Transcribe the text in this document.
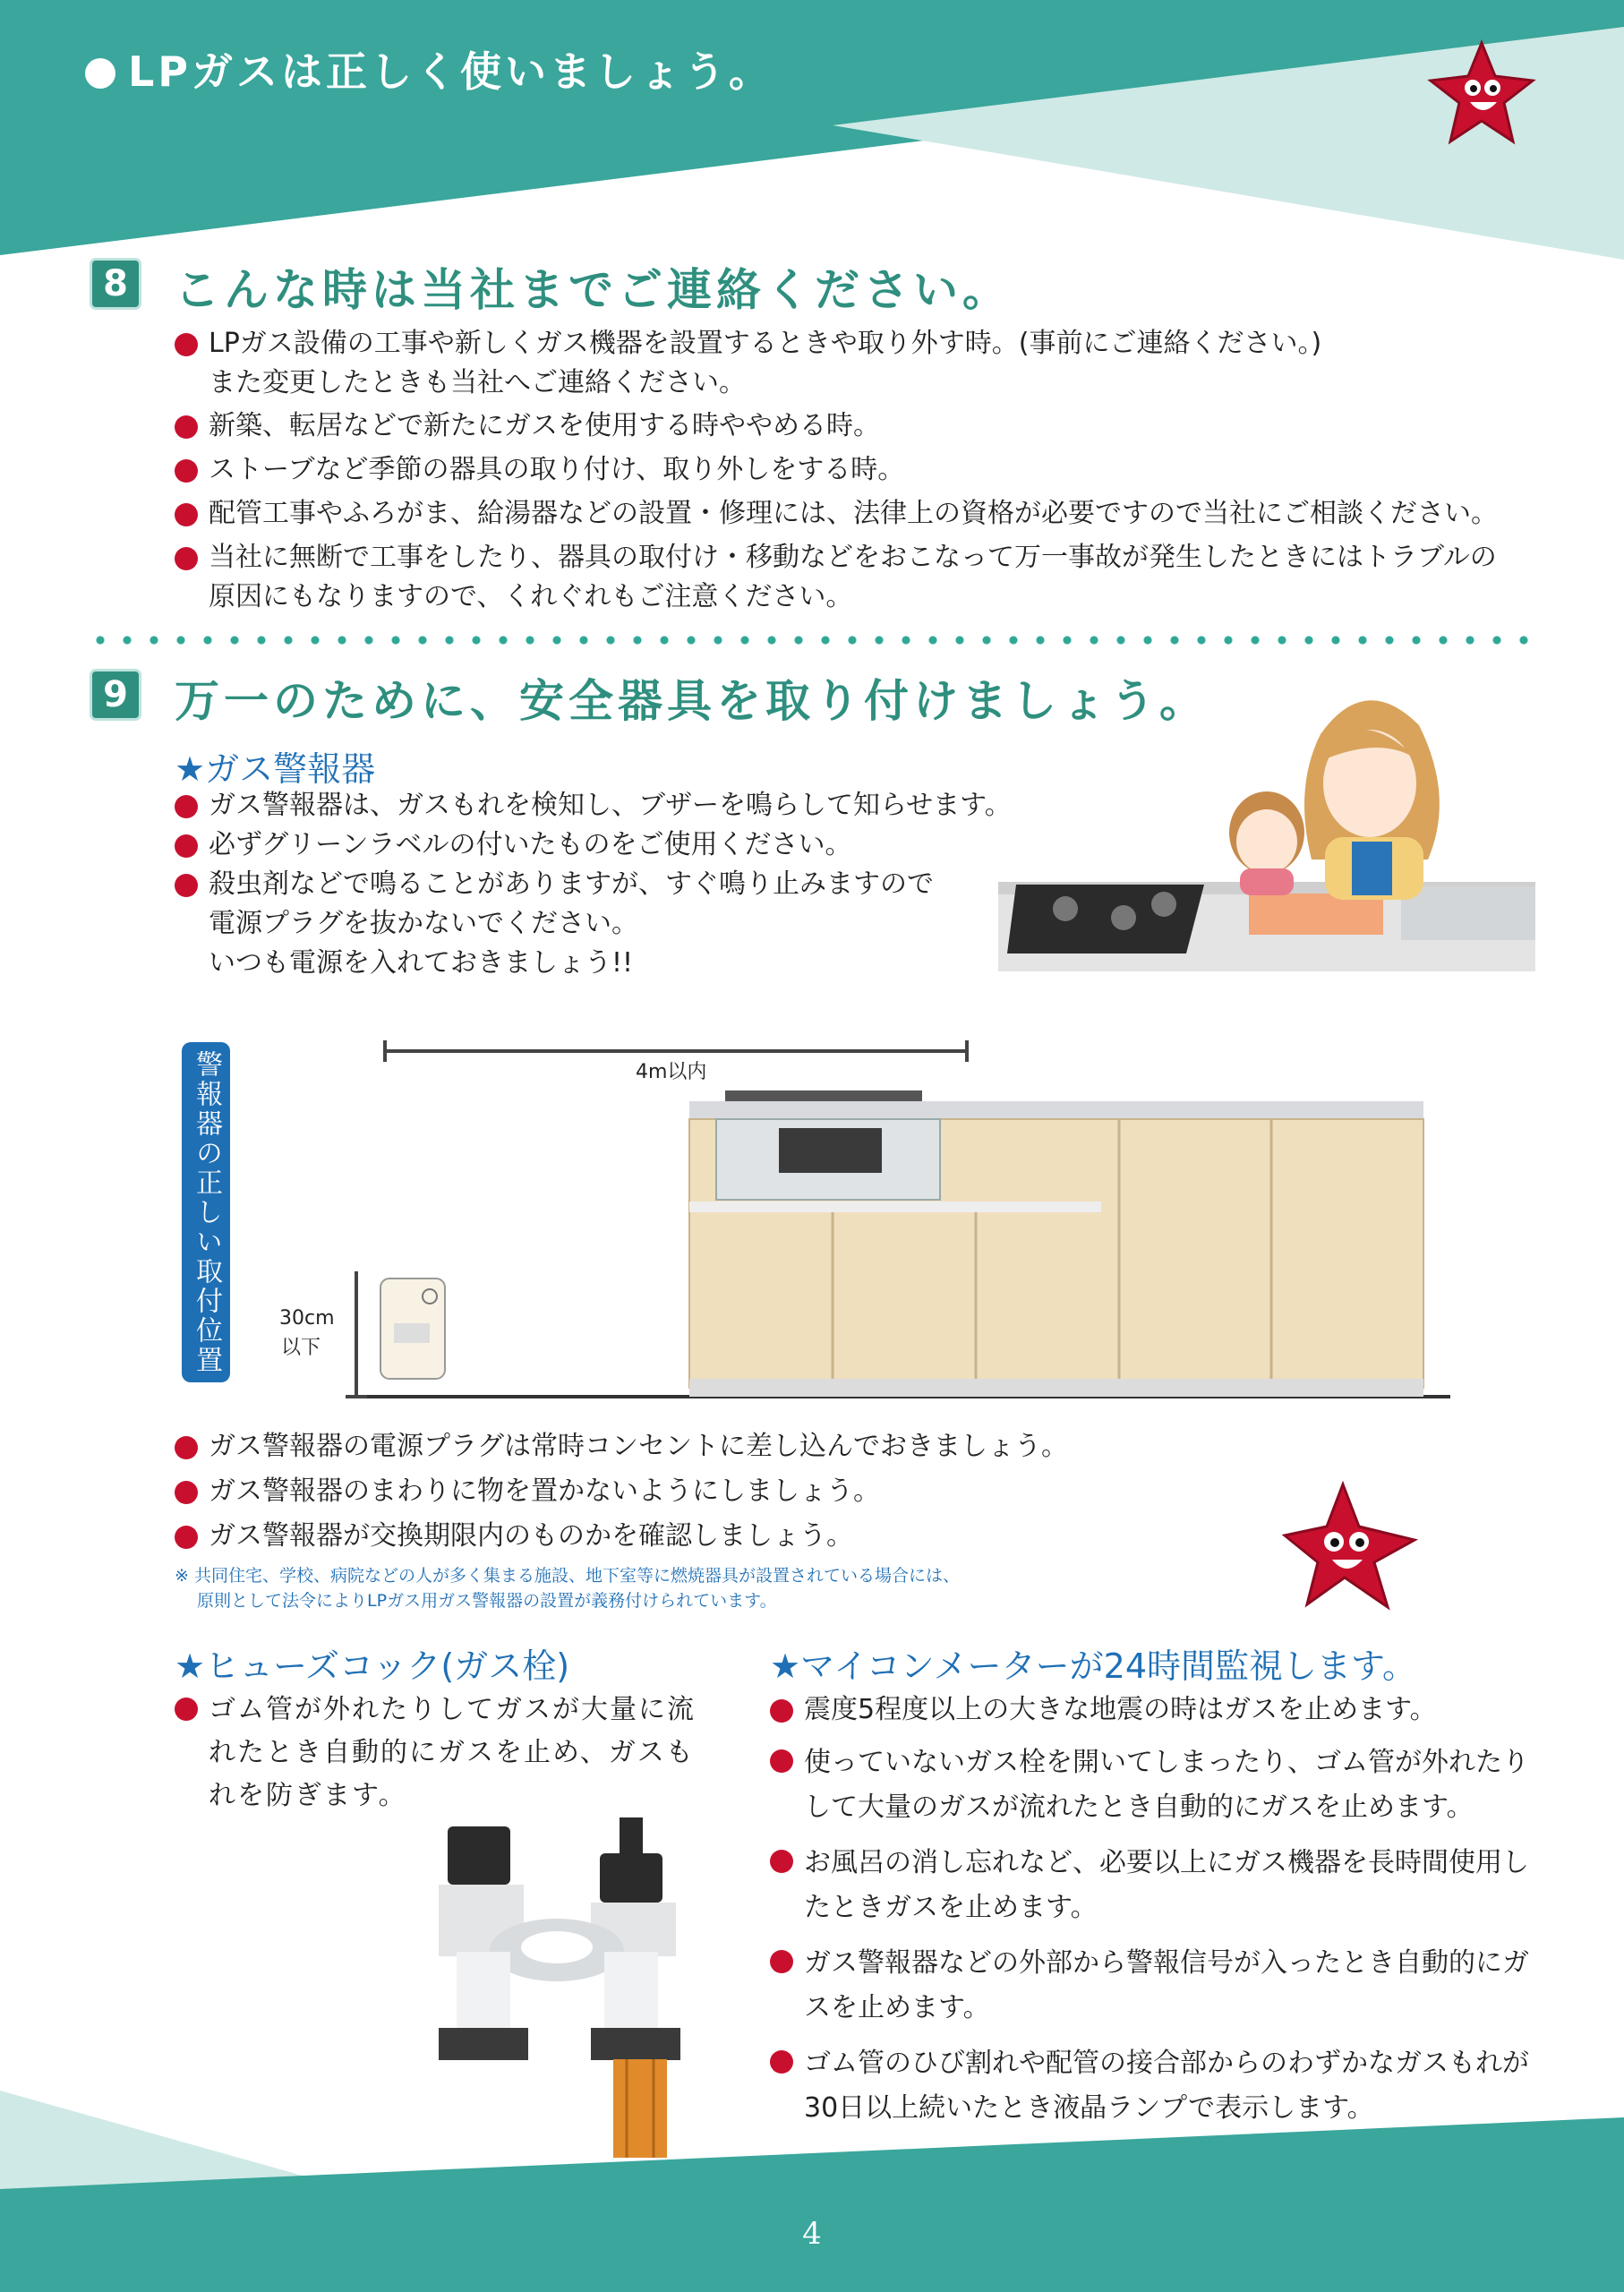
LPガスは正しく使いましょう。
8 こんな時は当社までご連絡ください。
LPガス設備の工事や新しくガス機器を設置するときや取り外す時。(事前にご連絡ください。)
また変更したときも当社へご連絡ください。
新築、転居などで新たにガスを使用する時ややめる時。
ストーブなど季節の器具の取り付け、取り外しをする時。
配管工事やふろがま、給湯器などの設置・修理には、法律上の資格が必要ですので当社にご相談ください。
当社に無断で工事をしたり、器具の取付け・移動などをおこなって万一事故が発生したときにはトラブルの原因にもなりますので、くれぐれもご注意ください。
9 万一のために、安全器具を取り付けましょう。
★ガス警報器
ガス警報器は、ガスもれを検知し、ブザーを鳴らして知らせます。
必ずグリーンラベルの付いたものをご使用ください。
殺虫剤などで鳴ることがありますが、すぐ鳴り止みますので
電源プラグを抜かないでください。
いつも電源を入れておきましょう!!
警報器の正しい取付位置	4m以内
30cm
以下
ガス警報器の電源プラグは常時コンセントに差し込んでおきましょう。
ガス警報器のまわりに物を置かないようにしましょう。
ガス警報器が交換期限内のものかを確認しましょう。
※ 共同住宅、学校、病院などの人が多く集まる施設、地下室等に燃焼器具が設置されている場合には、
　 原則として法令によりLPガス用ガス警報器の設置が義務付けられています。
★ヒューズコック(ガス栓)
ゴム管が外れたりしてガスが大量に流れたとき自動的にガスを止め、ガスもれを防ぎます。
★マイコンメーターが24時間監視します。
震度5程度以上の大きな地震の時はガスを止めます。
使っていないガス栓を開いてしまったり、ゴム管が外れたりして大量のガスが流れたとき自動的にガスを止めます。
お風呂の消し忘れなど、必要以上にガス機器を長時間使用したときガスを止めます。
ガス警報器などの外部から警報信号が入ったとき自動的にガスを止めます。
ゴム管のひび割れや配管の接合部からのわずかなガスもれが30日以上続いたとき液晶ランプで表示します。
4
